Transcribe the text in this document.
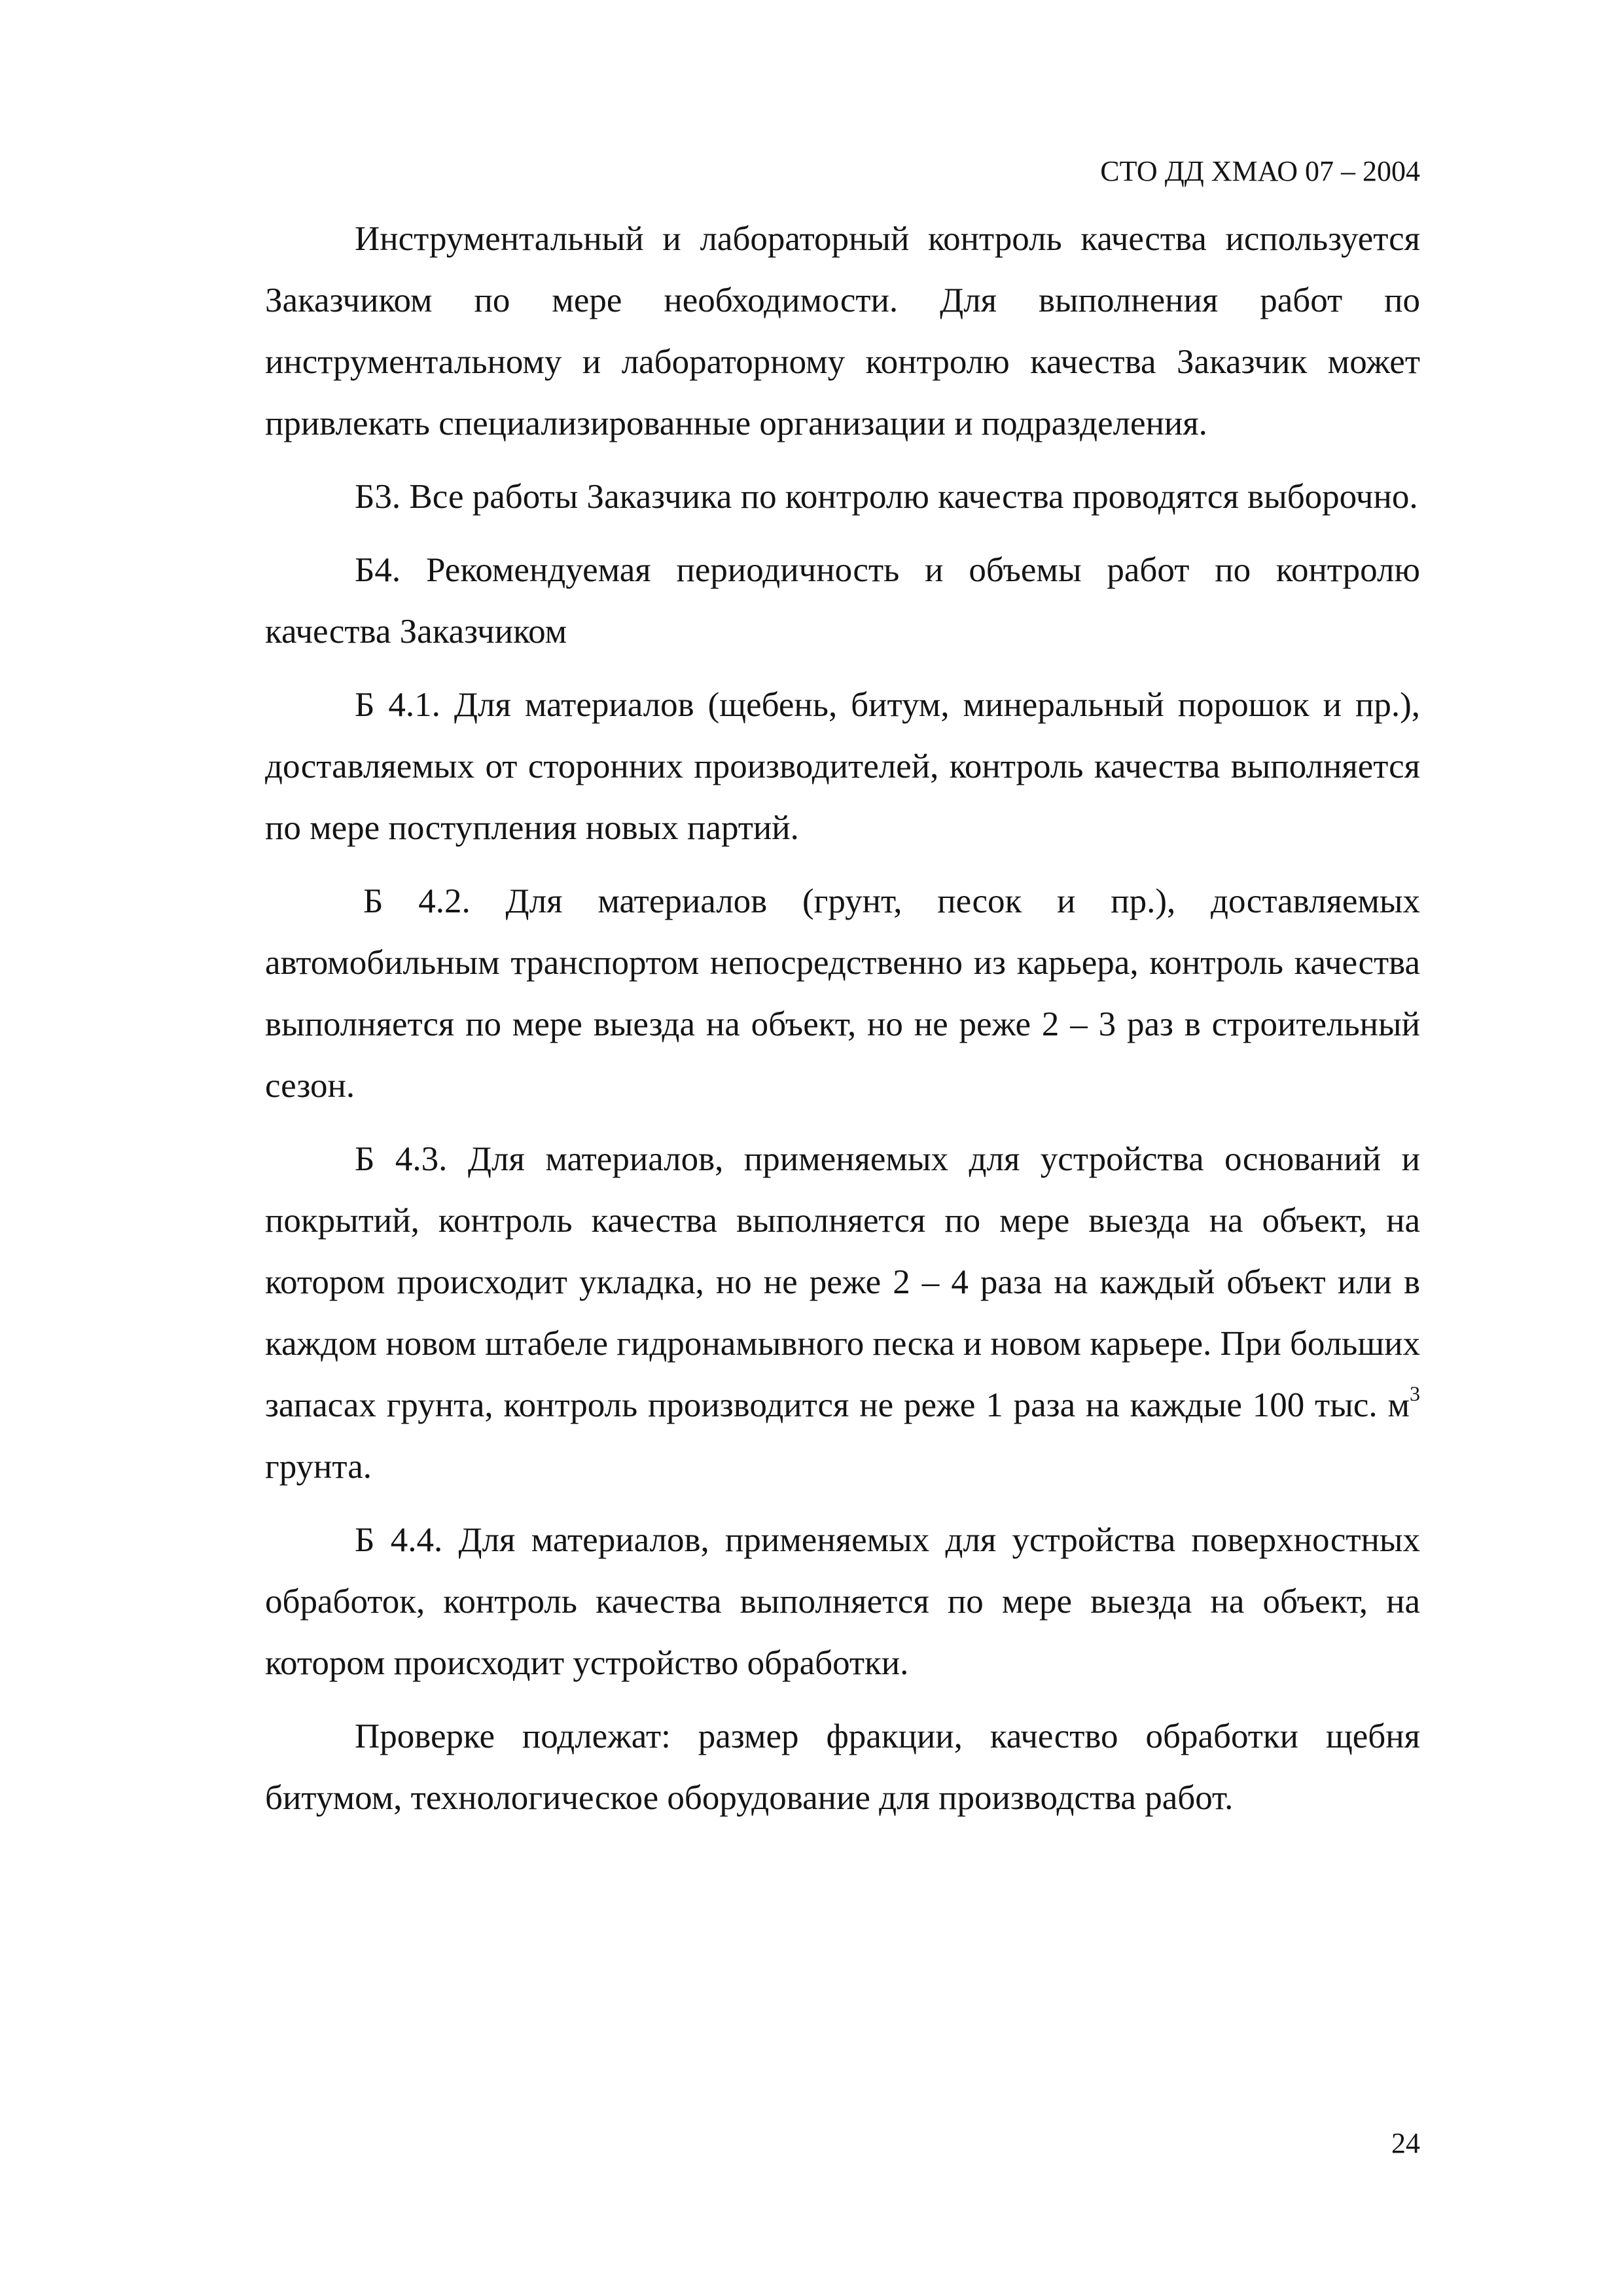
СТО ДД ХМАО 07 – 2004

Инструментальный и лабораторный контроль качества используется Заказчиком по мере необходимости. Для выполнения работ по инструментальному и лабораторному контролю качества Заказчик может привлекать специализированные организации и подразделения.

Б3. Все работы Заказчика по контролю качества проводятся выборочно.

Б4. Рекомендуемая периодичность и объемы работ по контролю качества Заказчиком

Б 4.1. Для материалов (щебень, битум, минеральный порошок и пр.), доставляемых от сторонних производителей, контроль качества выполняется по мере поступления новых партий.

Б 4.2. Для материалов (грунт, песок и пр.), доставляемых автомобильным транспортом непосредственно из карьера, контроль качества выполняется по мере выезда на объект, но не реже 2 – 3 раз в строительный сезон.

Б 4.3. Для материалов, применяемых для устройства оснований и покрытий, контроль качества выполняется по мере выезда на объект, на котором происходит укладка, но не реже 2 – 4 раза на каждый объект или в каждом новом штабеле гидронамывного песка и новом карьере. При больших запасах грунта, контроль производится не реже 1 раза на каждые 100 тыс. $м^3$ грунта.

Б 4.4. Для материалов, применяемых для устройства поверхностных обработок, контроль качества выполняется по мере выезда на объект, на котором происходит устройство обработки.

Проверке подлежат: размер фракции, качество обработки щебня битумом, технологическое оборудование для производства работ.

24
